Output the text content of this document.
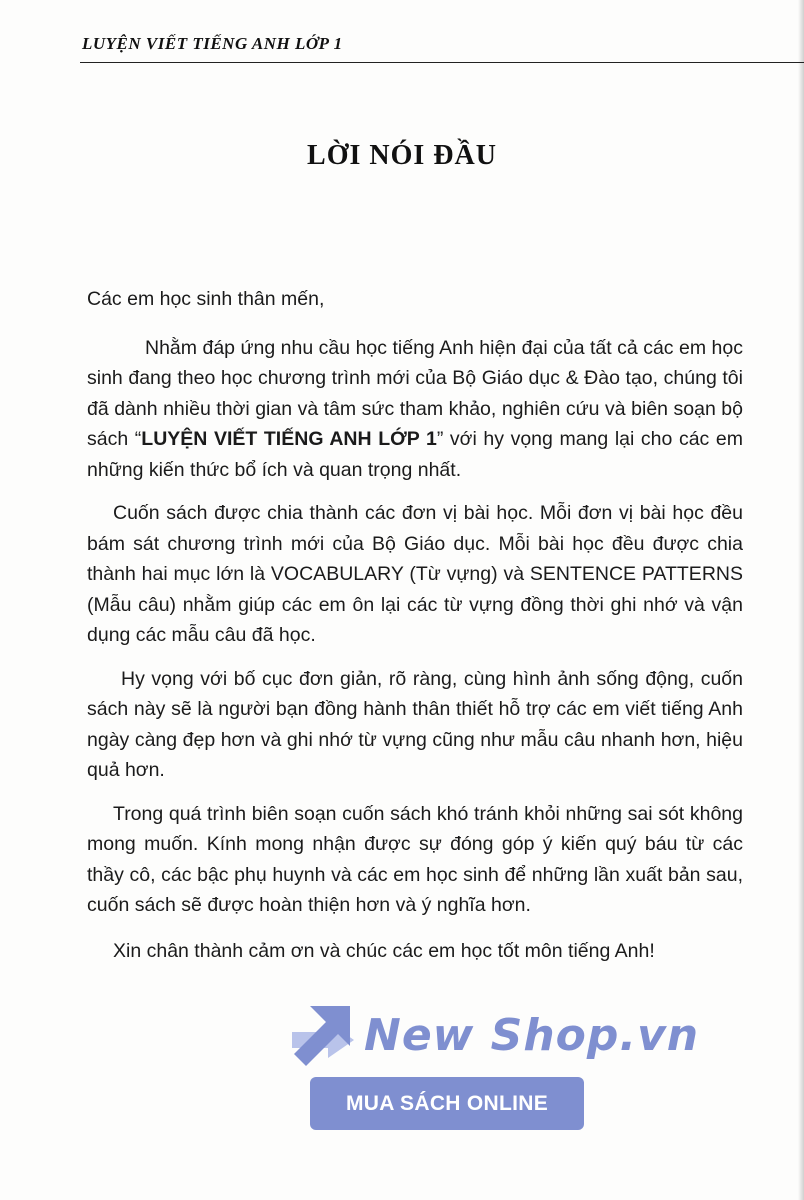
LUYỆN VIẾT TIẾNG ANH LỚP 1
LỜI NÓI ĐẦU

Các em học sinh thân mến,

Nhằm đáp ứng nhu cầu học tiếng Anh hiện đại của tất cả các em học sinh đang theo học chương trình mới của Bộ Giáo dục & Đào tạo, chúng tôi đã dành nhiều thời gian và tâm sức tham khảo, nghiên cứu và biên soạn bộ sách “LUYỆN VIẾT TIẾNG ANH LỚP 1” với hy vọng mang lại cho các em những kiến thức bổ ích và quan trọng nhất.

Cuốn sách được chia thành các đơn vị bài học. Mỗi đơn vị bài học đều bám sát chương trình mới của Bộ Giáo dục. Mỗi bài học đều được chia thành hai mục lớn là VOCABULARY (Từ vựng) và SENTENCE PATTERNS (Mẫu câu) nhằm giúp các em ôn lại các từ vựng đồng thời ghi nhớ và vận dụng các mẫu câu đã học.

Hy vọng với bố cục đơn giản, rõ ràng, cùng hình ảnh sống động, cuốn sách này sẽ là người bạn đồng hành thân thiết hỗ trợ các em viết tiếng Anh ngày càng đẹp hơn và ghi nhớ từ vựng cũng như mẫu câu nhanh hơn, hiệu quả hơn.

Trong quá trình biên soạn cuốn sách khó tránh khỏi những sai sót không mong muốn. Kính mong nhận được sự đóng góp ý kiến quý báu từ các thầy cô, các bậc phụ huynh và các em học sinh để những lần xuất bản sau, cuốn sách sẽ được hoàn thiện hơn và ý nghĩa hơn.

Xin chân thành cảm ơn và chúc các em học tốt môn tiếng Anh!

New Shop.vn
MUA SÁCH ONLINE
